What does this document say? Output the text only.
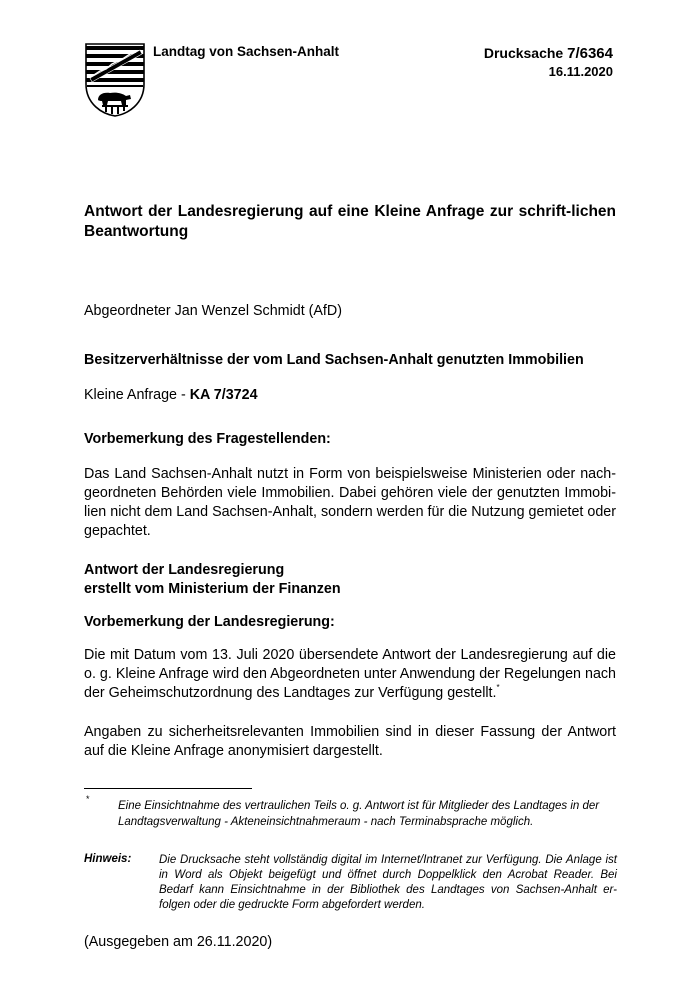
Landtag von Sachsen-Anhalt	Drucksache 7/6364
16.11.2020
Antwort der Landesregierung auf eine Kleine Anfrage zur schrift-lichen Beantwortung
Abgeordneter Jan Wenzel Schmidt (AfD)
Besitzerverhältnisse der vom Land Sachsen-Anhalt genutzten Immobilien
Kleine Anfrage - KA 7/3724
Vorbemerkung des Fragestellenden:
Das Land Sachsen-Anhalt nutzt in Form von beispielsweise Ministerien oder nach-geordneten Behörden viele Immobilien. Dabei gehören viele der genutzten Immobi-lien nicht dem Land Sachsen-Anhalt, sondern werden für die Nutzung gemietet oder gepachtet.
Antwort der Landesregierung
erstellt vom Ministerium der Finanzen
Vorbemerkung der Landesregierung:
Die mit Datum vom 13. Juli 2020 übersendete Antwort der Landesregierung auf die o. g. Kleine Anfrage wird den Abgeordneten unter Anwendung der Regelungen nach der Geheimschutzordnung des Landtages zur Verfügung gestellt.*
Angaben zu sicherheitsrelevanten Immobilien sind in dieser Fassung der Antwort auf die Kleine Anfrage anonymisiert dargestellt.
*
Eine Einsichtnahme des vertraulichen Teils o. g. Antwort ist für Mitglieder des Landtages in der Landtagsverwaltung - Akteneinsichtnahmeraum - nach Terminabsprache möglich.
Hinweis: Die Drucksache steht vollständig digital im Internet/Intranet zur Verfügung. Die Anlage ist in Word als Objekt beigefügt und öffnet durch Doppelklick den Acrobat Reader. Bei Bedarf kann Einsichtnahme in der Bibliothek des Landtages von Sachsen-Anhalt er-folgen oder die gedruckte Form abgefordert werden.
(Ausgegeben am 26.11.2020)
